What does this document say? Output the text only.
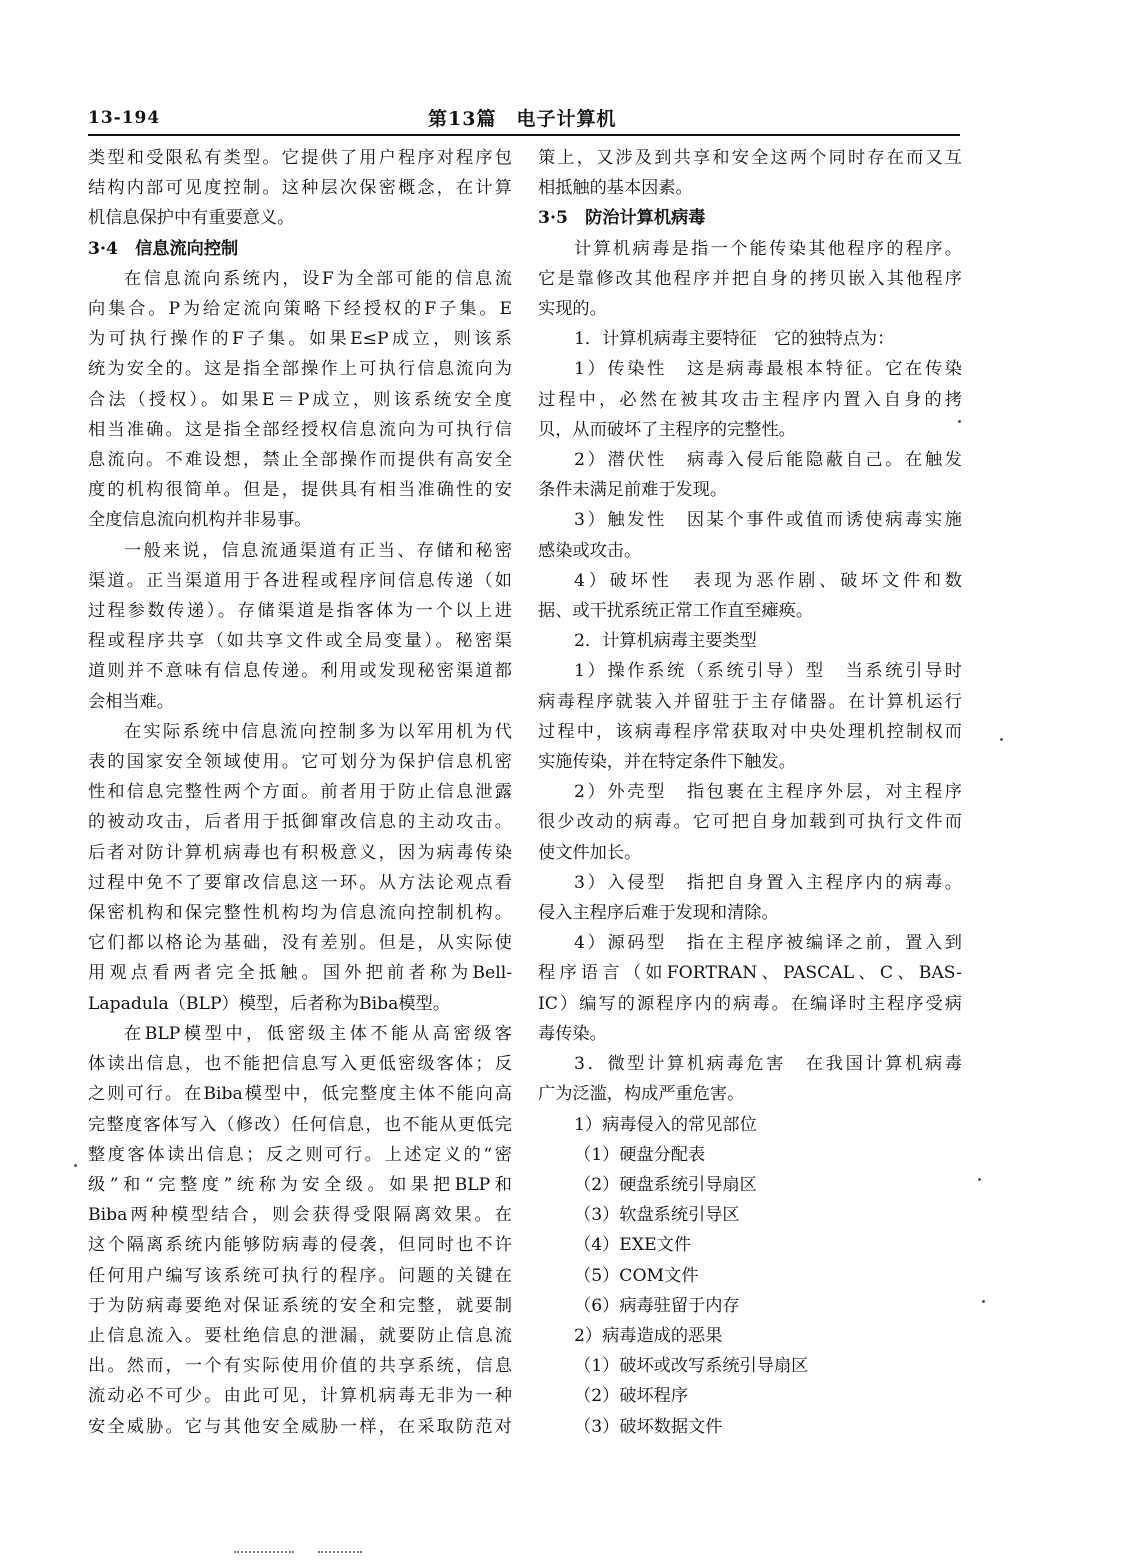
13-194	第13篇　电子计算机

类型和受限私有类型。它提供了用户程序对程序包

结构内部可见度控制。这种层次保密概念，在计算

机信息保护中有重要意义。

3·4　信息流向控制

在信息流向系统内，设F为全部可能的信息流

向集合。P为给定流向策略下经授权的F子集。E

为可执行操作的F子集。如果E≤P成立，则该系

统为安全的。这是指全部操作上可执行信息流向为

合法（授权）。如果E＝P成立，则该系统安全度

相当准确。这是指全部经授权信息流向为可执行信

息流向。不难设想，禁止全部操作而提供有高安全

度的机构很简单。但是，提供具有相当准确性的安

全度信息流向机构并非易事。

一般来说，信息流通渠道有正当、存储和秘密

渠道。正当渠道用于各进程或程序间信息传递（如

过程参数传递）。存储渠道是指客体为一个以上进

程或程序共享（如共享文件或全局变量）。秘密渠

道则并不意味有信息传递。利用或发现秘密渠道都

会相当难。

在实际系统中信息流向控制多为以军用机为代

表的国家安全领域使用。它可划分为保护信息机密

性和信息完整性两个方面。前者用于防止信息泄露

的被动攻击，后者用于抵御窜改信息的主动攻击。

后者对防计算机病毒也有积极意义，因为病毒传染

过程中免不了要窜改信息这一环。从方法论观点看

保密机构和保完整性机构均为信息流向控制机构。

它们都以格论为基础，没有差别。但是，从实际使

用观点看两者完全抵触。国外把前者称为Bell-

Lapadula（BLP）模型，后者称为Biba模型。

在BLP模型中，低密级主体不能从高密级客

体读出信息，也不能把信息写入更低密级客体；反

之则可行。在Biba模型中，低完整度主体不能向高

完整度客体写入（修改）任何信息，也不能从更低完

整度客体读出信息；反之则可行。上述定义的“密

级”和“完整度”统称为安全级。如果把BLP和

Biba两种模型结合，则会获得受限隔离效果。在

这个隔离系统内能够防病毒的侵袭，但同时也不许

任何用户编写该系统可执行的程序。问题的关键在

于为防病毒要绝对保证系统的安全和完整，就要制

止信息流入。要杜绝信息的泄漏，就要防止信息流

出。然而，一个有实际使用价值的共享系统，信息

流动必不可少。由此可见，计算机病毒无非为一种

安全威胁。它与其他安全威胁一样，在采取防范对

策上，又涉及到共享和安全这两个同时存在而又互

相抵触的基本因素。

3·5　防治计算机病毒

计算机病毒是指一个能传染其他程序的程序。

它是靠修改其他程序并把自身的拷贝嵌入其他程序

实现的。

1．计算机病毒主要特征　它的独特点为：

1）传染性　这是病毒最根本特征。它在传染

过程中，必然在被其攻击主程序内置入自身的拷

贝，从而破坏了主程序的完整性。

2）潜伏性　病毒入侵后能隐蔽自己。在触发

条件未满足前难于发现。

3）触发性　因某个事件或值而诱使病毒实施

感染或攻击。

4）破坏性　表现为恶作剧、破坏文件和数

据、或干扰系统正常工作直至瘫痪。

2．计算机病毒主要类型

1）操作系统（系统引导）型　当系统引导时

病毒程序就装入并留驻于主存储器。在计算机运行

过程中，该病毒程序常获取对中央处理机控制权而

实施传染，并在特定条件下触发。

2）外壳型　指包裹在主程序外层，对主程序

很少改动的病毒。它可把自身加载到可执行文件而

使文件加长。

3）入侵型　指把自身置入主程序内的病毒。

侵入主程序后难于发现和清除。

4）源码型　指在主程序被编译之前，置入到

程序语言（如FORTRAN、PASCAL、C、BAS-

IC）编写的源程序内的病毒。在编译时主程序受病

毒传染。

3．微型计算机病毒危害　在我国计算机病毒

广为泛滥，构成严重危害。

1）病毒侵入的常见部位

（1）硬盘分配表

（2）硬盘系统引导扇区

（3）软盘系统引导区

（4）EXE文件

（5）COM文件

（6）病毒驻留于内存

2）病毒造成的恶果

（1）破坏或改写系统引导扇区

（2）破坏程序

（3）破坏数据文件
